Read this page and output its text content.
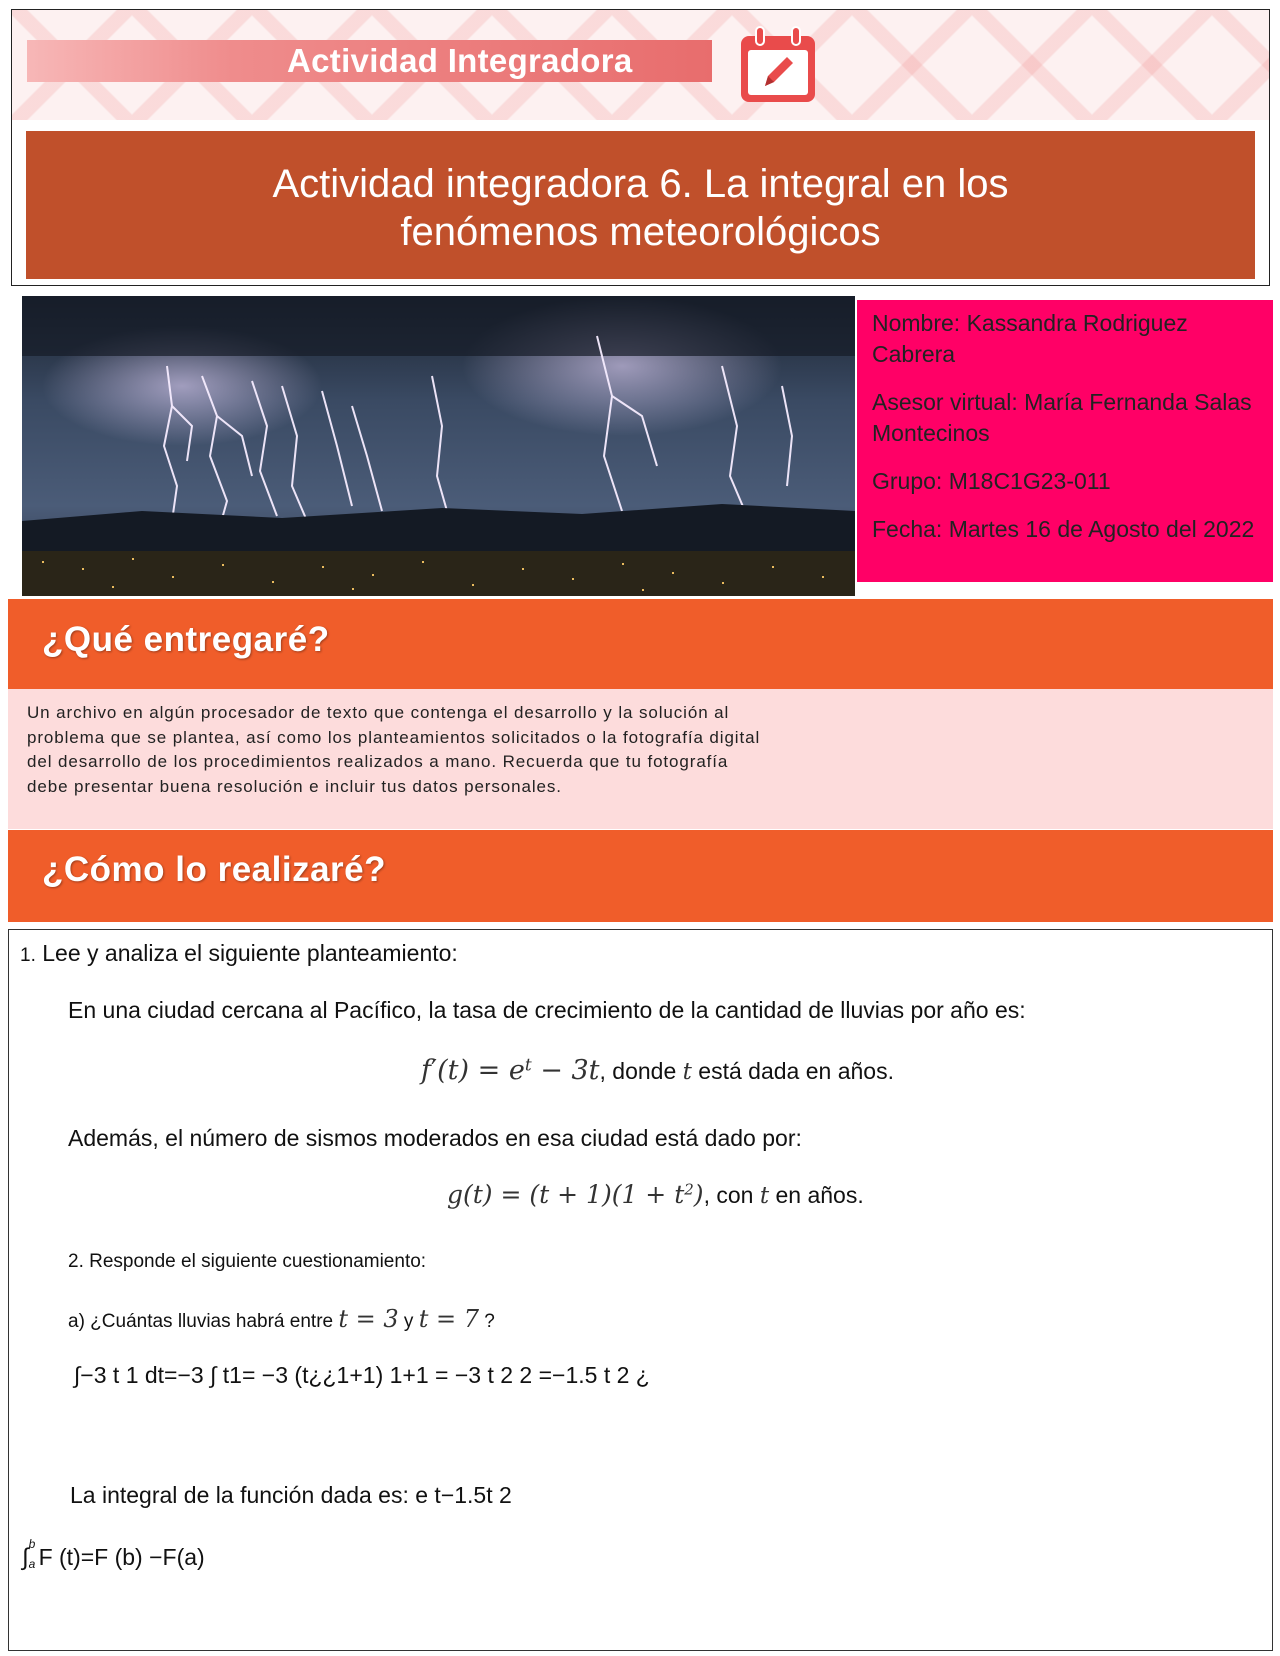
Actividad Integradora
Actividad integradora 6. La integral en los
fenómenos meteorológicos
Nombre: Kassandra Rodriguez Cabrera
Asesor virtual: María Fernanda Salas Montecinos
Grupo: M18C1G23-011
Fecha: Martes 16 de Agosto del 2022
¿Qué entregaré?
Un archivo en algún procesador de texto que contenga el desarrollo y la solución al
problema que se plantea, así como los planteamientos solicitados o la fotografía digital
del desarrollo de los procedimientos realizados a mano. Recuerda que tu fotografía
debe presentar buena resolución e incluir tus datos personales.
¿Cómo lo realizaré?
1. Lee y analiza el siguiente planteamiento:
En una ciudad cercana al Pacífico, la tasa de crecimiento de la cantidad de lluvias por año es:
$f'(t) = e^t - 3t$, donde t está dada en años.
Además, el número de sismos moderados en esa ciudad está dado por:
$g(t) = (t + 1)(1 + t^2)$, con t en años.
2. Responde el siguiente cuestionamiento:
a) ¿Cuántas lluvias habrá entre t = 3 y t = 7 ?
∫−3 t 1 dt=−3 ∫ t1= −3 (t¿¿1+1) 1+1 = −3 t 2 2 =−1.5 t 2 ¿
La integral de la función dada es: e t−1.5t 2
∫ b
a F (t)=F (b) −F(a)
